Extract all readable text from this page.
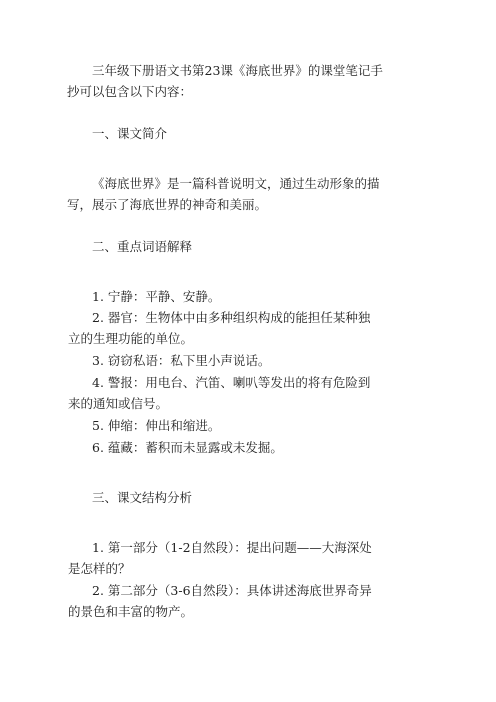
三年级下册语文书第23课《海底世界》的课堂笔记手抄可以包含以下内容：
一、课文简介
《海底世界》是一篇科普说明文，通过生动形象的描写，展示了海底世界的神奇和美丽。
二、重点词语解释
1. 宁静：平静、安静。
2. 器官：生物体中由多种组织构成的能担任某种独立的生理功能的单位。
3. 窃窃私语：私下里小声说话。
4. 警报：用电台、汽笛、喇叭等发出的将有危险到来的通知或信号。
5. 伸缩：伸出和缩进。
6. 蕴藏：蓄积而未显露或未发掘。
三、课文结构分析
1. 第一部分（1-2自然段）：提出问题——大海深处是怎样的？
2. 第二部分（3-6自然段）：具体讲述海底世界奇异的景色和丰富的物产。
